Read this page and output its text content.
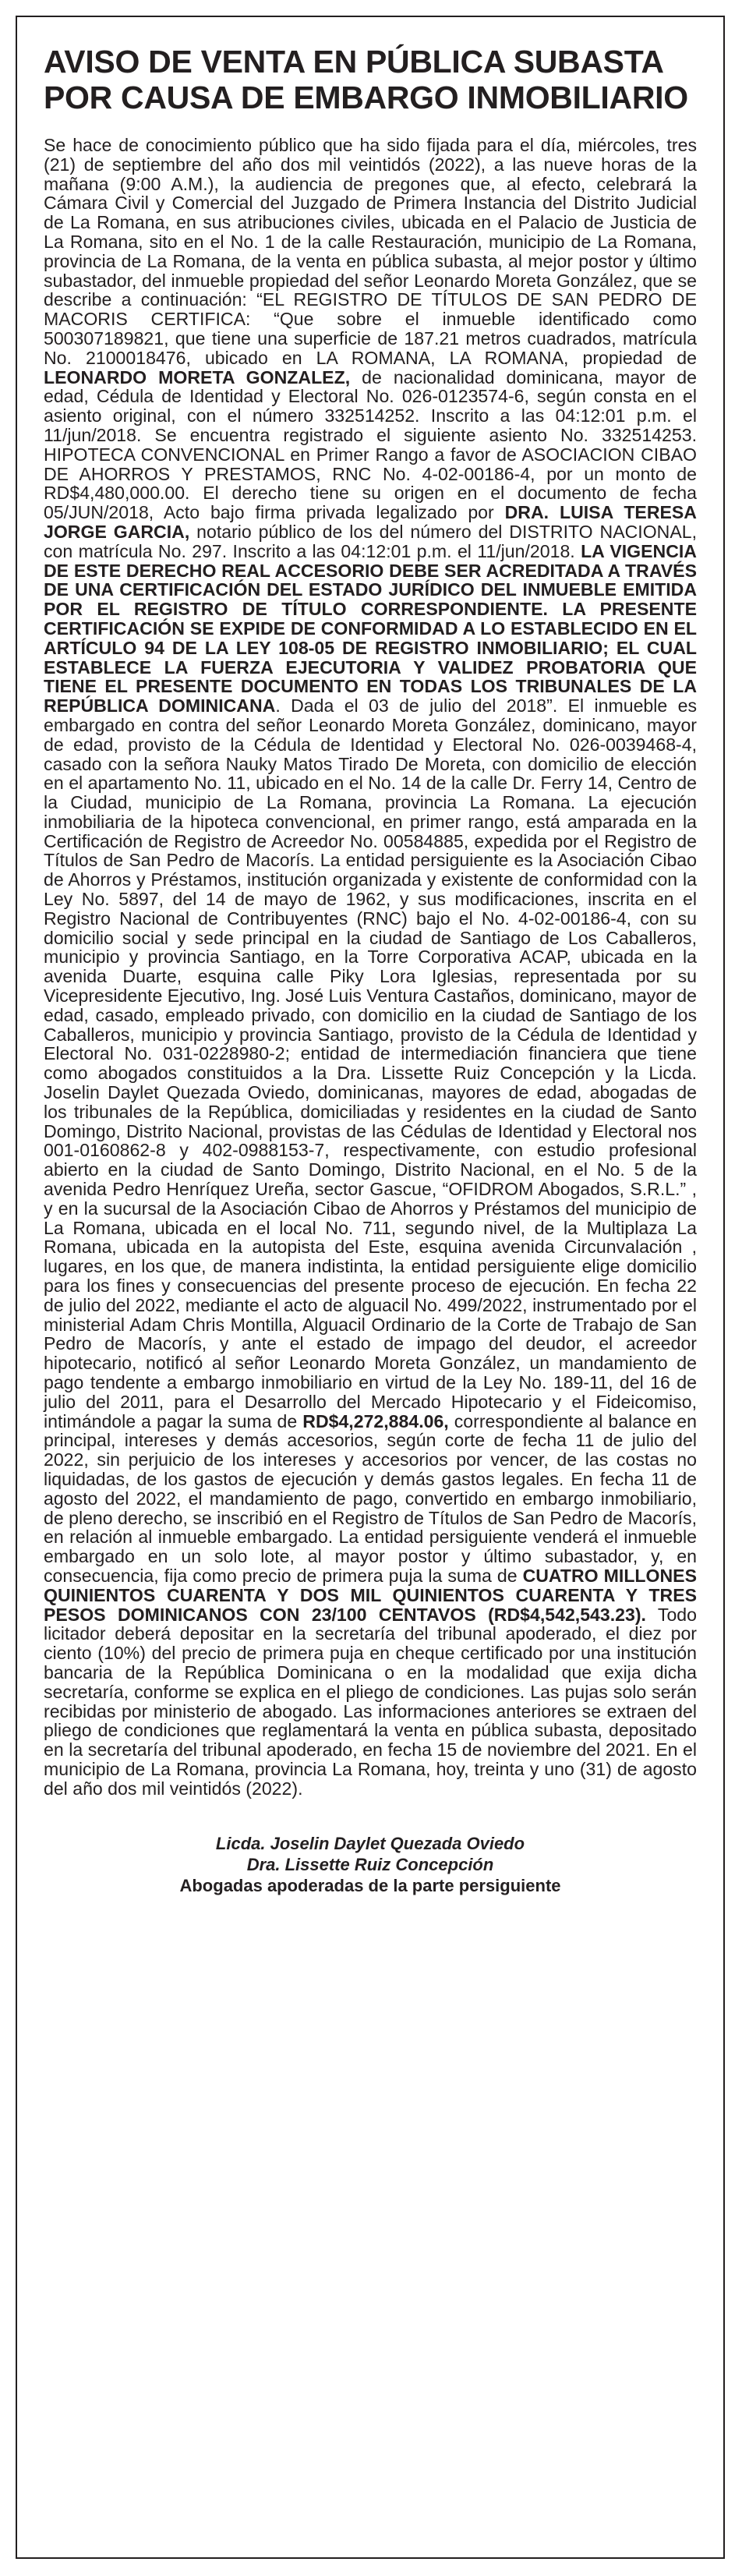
AVISO DE VENTA EN PÚBLICA SUBASTA
POR CAUSA DE EMBARGO INMOBILIARIO

Se hace de conocimiento público que ha sido fijada para el día, miércoles, tres (21) de septiembre del año dos mil veintidós (2022), a las nueve horas de la mañana (9:00 A.M.), la audiencia de pregones que, al efecto, celebrará la Cámara Civil y Comercial del Juzgado de Primera Instancia del Distrito Judicial de La Romana, en sus atribuciones civiles, ubicada en el Palacio de Justicia de La Romana, sito en el No. 1 de la calle Restauración, municipio de La Romana, provincia de La Romana, de la venta en pública subasta, al mejor postor y último subastador, del inmueble propiedad del señor Leonardo Moreta González, que se describe a continuación: “EL REGISTRO DE TÍTULOS DE SAN PEDRO DE MACORIS CERTIFICA: “Que sobre el inmueble identificado como 500307189821, que tiene una superficie de 187.21 metros cuadrados, matrícula No. 2100018476, ubicado en LA ROMANA, LA ROMANA, propiedad de LEONARDO MORETA GONZALEZ, de nacionalidad dominicana, mayor de edad, Cédula de Identidad y Electoral No. 026-0123574-6, según consta en el asiento original, con el número 332514252. Inscrito a las 04:12:01 p.m. el 11/jun/2018. Se encuentra registrado el siguiente asiento No. 332514253. HIPOTECA CONVENCIONAL en Primer Rango a favor de ASOCIACION CIBAO DE AHORROS Y PRESTAMOS, RNC No. 4-02-00186-4, por un monto de RD$4,480,000.00. El derecho tiene su origen en el documento de fecha 05/JUN/2018, Acto bajo firma privada legalizado por DRA. LUISA TERESA JORGE GARCIA, notario público de los del número del DISTRITO NACIONAL, con matrícula No. 297. Inscrito a las 04:12:01 p.m. el 11/jun/2018. LA VIGENCIA DE ESTE DERECHO REAL ACCESORIO DEBE SER ACREDITADA A TRAVÉS DE UNA CERTIFICACIÓN DEL ESTADO JURÍDICO DEL INMUEBLE EMITIDA POR EL REGISTRO DE TÍTULO CORRESPONDIENTE. LA PRESENTE CERTIFICACIÓN SE EXPIDE DE CONFORMIDAD A LO ESTABLECIDO EN EL ARTÍCULO 94 DE LA LEY 108-05 DE REGISTRO INMOBILIARIO; EL CUAL ESTABLECE LA FUERZA EJECUTORIA Y VALIDEZ PROBATORIA QUE TIENE EL PRESENTE DOCUMENTO EN TODAS LOS TRIBUNALES DE LA REPÚBLICA DOMINICANA. Dada el 03 de julio del 2018”. El inmueble es embargado en contra del señor Leonardo Moreta González, dominicano, mayor de edad, provisto de la Cédula de Identidad y Electoral No. 026-0039468-4, casado con la señora Nauky Matos Tirado De Moreta, con domicilio de elección en el apartamento No. 11, ubicado en el No. 14 de la calle Dr. Ferry 14, Centro de la Ciudad, municipio de La Romana, provincia La Romana. La ejecución inmobiliaria de la hipoteca convencional, en primer rango, está amparada en la Certificación de Registro de Acreedor No. 00584885, expedida por el Registro de Títulos de San Pedro de Macorís. La entidad persiguiente es la Asociación Cibao de Ahorros y Préstamos, institución organizada y existente de conformidad con la Ley No. 5897, del 14 de mayo de 1962, y sus modificaciones, inscrita en el Registro Nacional de Contribuyentes (RNC) bajo el No. 4-02-00186-4, con su domicilio social y sede principal en la ciudad de Santiago de Los Caballeros, municipio y provincia Santiago, en la Torre Corporativa ACAP, ubicada en la avenida Duarte, esquina calle Piky Lora Iglesias, representada por su Vicepresidente Ejecutivo, Ing. José Luis Ventura Castaños, dominicano, mayor de edad, casado, empleado privado, con domicilio en la ciudad de Santiago de los Caballeros, municipio y provincia Santiago, provisto de la Cédula de Identidad y Electoral No. 031-0228980-2; entidad de intermediación financiera que tiene como abogados constituidos a la Dra. Lissette Ruiz Concepción y la Licda. Joselin Daylet Quezada Oviedo, dominicanas, mayores de edad, abogadas de los tribunales de la República, domiciliadas y residentes en la ciudad de Santo Domingo, Distrito Nacional, provistas de las Cédulas de Identidad y Electoral nos 001-0160862-8 y 402-0988153-7, respectivamente, con estudio profesional abierto en la ciudad de Santo Domingo, Distrito Nacional, en el No. 5 de la avenida Pedro Henríquez Ureña, sector Gascue, “OFIDROM Abogados, S.R.L.” , y en la sucursal de la Asociación Cibao de Ahorros y Préstamos del municipio de La Romana, ubicada en el local No. 711, segundo nivel, de la Multiplaza La Romana, ubicada en la autopista del Este, esquina avenida Circunvalación , lugares, en los que, de manera indistinta, la entidad persiguiente elige domicilio para los fines y consecuencias del presente proceso de ejecución. En fecha 22 de julio del 2022, mediante el acto de alguacil No. 499/2022, instrumentado por el ministerial Adam Chris Montilla, Alguacil Ordinario de la Corte de Trabajo de San Pedro de Macorís, y ante el estado de impago del deudor, el acreedor hipotecario, notificó al señor Leonardo Moreta González, un mandamiento de pago tendente a embargo inmobiliario en virtud de la Ley No. 189-11, del 16 de julio del 2011, para el Desarrollo del Mercado Hipotecario y el Fideicomiso, intimándole a pagar la suma de RD$4,272,884.06, correspondiente al balance en principal, intereses y demás accesorios, según corte de fecha 11 de julio del 2022, sin perjuicio de los intereses y accesorios por vencer, de las costas no liquidadas, de los gastos de ejecución y demás gastos legales. En fecha 11 de agosto del 2022, el mandamiento de pago, convertido en embargo inmobiliario, de pleno derecho, se inscribió en el Registro de Títulos de San Pedro de Macorís, en relación al inmueble embargado. La entidad persiguiente venderá el inmueble embargado en un solo lote, al mayor postor y último subastador, y, en consecuencia, fija como precio de primera puja la suma de CUATRO MILLONES QUINIENTOS CUARENTA Y DOS MIL QUINIENTOS CUARENTA Y TRES PESOS DOMINICANOS CON 23/100 CENTAVOS (RD$4,542,543.23). Todo licitador deberá depositar en la secretaría del tribunal apoderado, el diez por ciento (10%) del precio de primera puja en cheque certificado por una institución bancaria de la República Dominicana o en la modalidad que exija dicha secretaría, conforme se explica en el pliego de condiciones. Las pujas solo serán recibidas por ministerio de abogado. Las informaciones anteriores se extraen del pliego de condiciones que reglamentará la venta en pública subasta, depositado en la secretaría del tribunal apoderado, en fecha 15 de noviembre del 2021. En el municipio de La Romana, provincia La Romana, hoy, treinta y uno (31) de agosto del año dos mil veintidós (2022).

Licda. Joselin Daylet Quezada Oviedo
Dra. Lissette Ruiz Concepción
Abogadas apoderadas de la parte persiguiente
